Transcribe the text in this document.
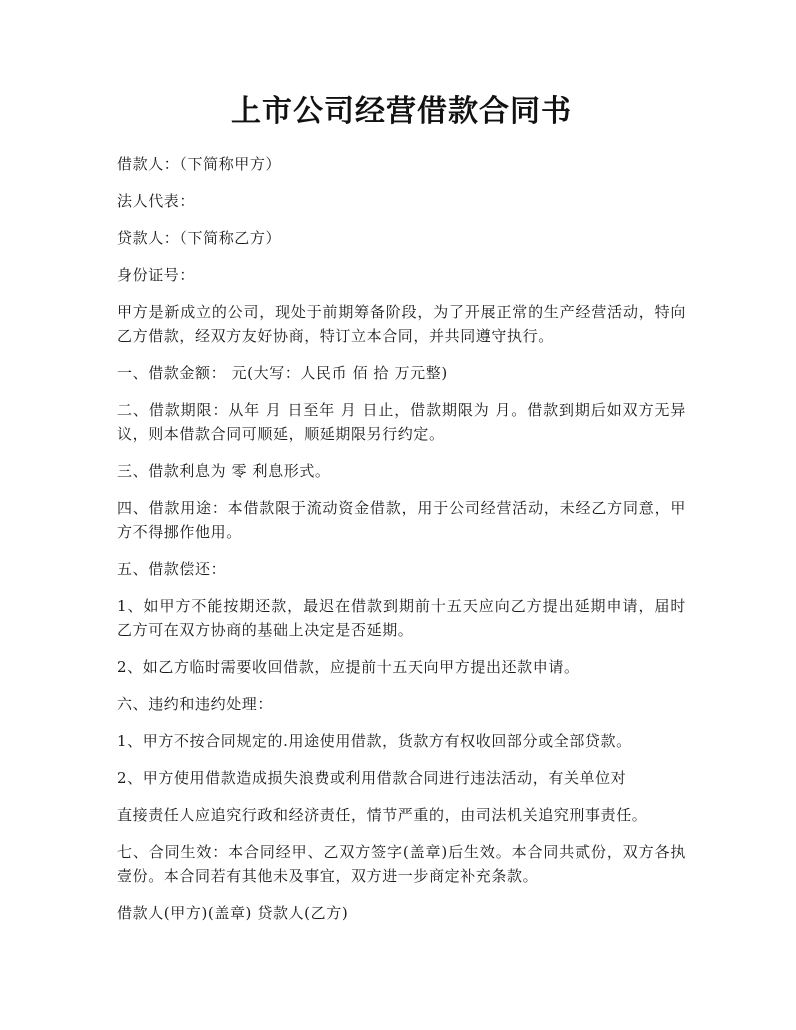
上市公司经营借款合同书

借款人：（下简称甲方）

法人代表：

贷款人：（下简称乙方）

身份证号：

甲方是新成立的公司，现处于前期筹备阶段，为了开展正常的生产经营活动，特向乙方借款，经双方友好协商，特订立本合同，并共同遵守执行。

一、借款金额： 元(大写：人民币 佰 拾 万元整)

二、借款期限：从年 月 日至年 月 日止，借款期限为 月。借款到期后如双方无异议，则本借款合同可顺延，顺延期限另行约定。

三、借款利息为 零 利息形式。

四、借款用途：本借款限于流动资金借款，用于公司经营活动，未经乙方同意，甲方不得挪作他用。

五、借款偿还：

1、如甲方不能按期还款，最迟在借款到期前十五天应向乙方提出延期申请，届时乙方可在双方协商的基础上决定是否延期。

2、如乙方临时需要收回借款，应提前十五天向甲方提出还款申请。

六、违约和违约处理：

1、甲方不按合同规定的.用途使用借款，货款方有权收回部分或全部贷款。

2、甲方使用借款造成损失浪费或利用借款合同进行违法活动，有关单位对

直接责任人应追究行政和经济责任，情节严重的，由司法机关追究刑事责任。

七、合同生效：本合同经甲、乙双方签字(盖章)后生效。本合同共贰份，双方各执壹份。本合同若有其他未及事宜，双方进一步商定补充条款。

借款人(甲方)(盖章) 贷款人(乙方)
